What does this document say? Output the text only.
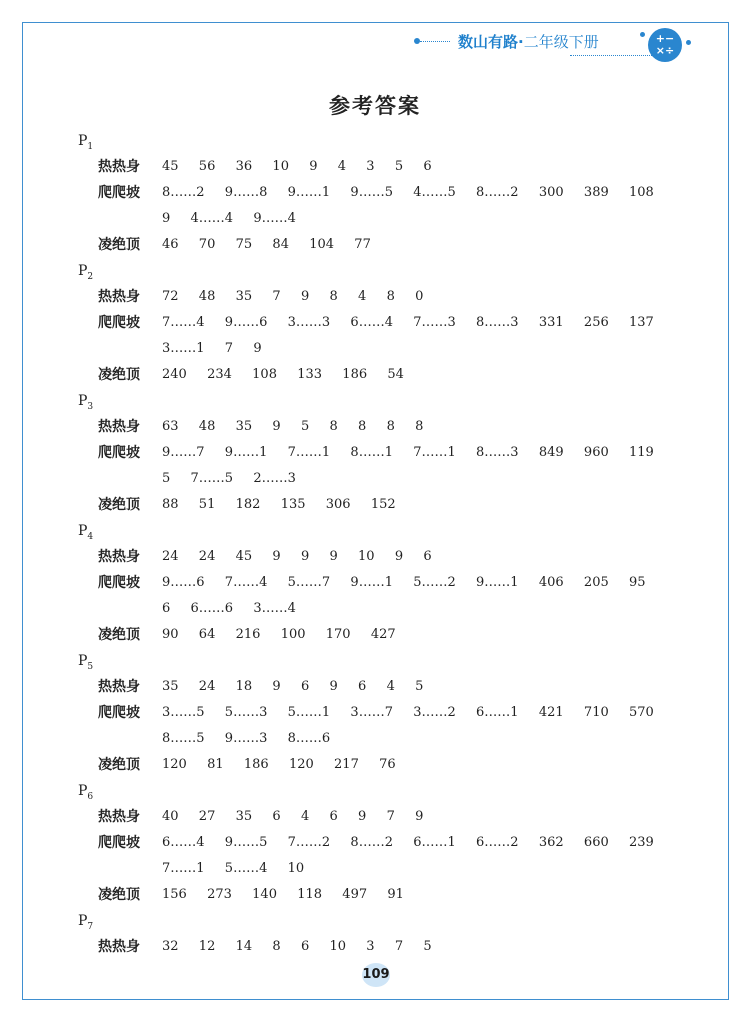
数山有路·二年级下册	+−
×÷
参考答案
$P_1$
热热身	45  56  36  10  9  4  3  5  6
爬爬坡	8……2  9……8  9……1  9……5  4……5  8……2  300  389  108
9  4……4  9……4
凌绝顶	46  70  75  84  104  77
$P_2$
热热身	72  48  35  7  9  8  4  8  0
爬爬坡	7……4  9……6  3……3  6……4  7……3  8……3  331  256  137
3……1  7  9
凌绝顶	240  234  108  133  186  54
$P_3$
热热身	63  48  35  9  5  8  8  8  8
爬爬坡	9……7  9……1  7……1  8……1  7……1  8……3  849  960  119
5  7……5  2……3
凌绝顶	88  51  182  135  306  152
$P_4$
热热身	24  24  45  9  9  9  10  9  6
爬爬坡	9……6  7……4  5……7  9……1  5……2  9……1  406  205  95
6  6……6  3……4
凌绝顶	90  64  216  100  170  427
$P_5$
热热身	35  24  18  9  6  9  6  4  5
爬爬坡	3……5  5……3  5……1  3……7  3……2  6……1  421  710  570
8……5  9……3  8……6
凌绝顶	120  81  186  120  217  76
$P_6$
热热身	40  27  35  6  4  6  9  7  9
爬爬坡	6……4  9……5  7……2  8……2  6……1  6……2  362  660  239
7……1  5……4  10
凌绝顶	156  273  140  118  497  91
$P_7$
热热身	32  12  14  8  6  10  3  7  5
109
